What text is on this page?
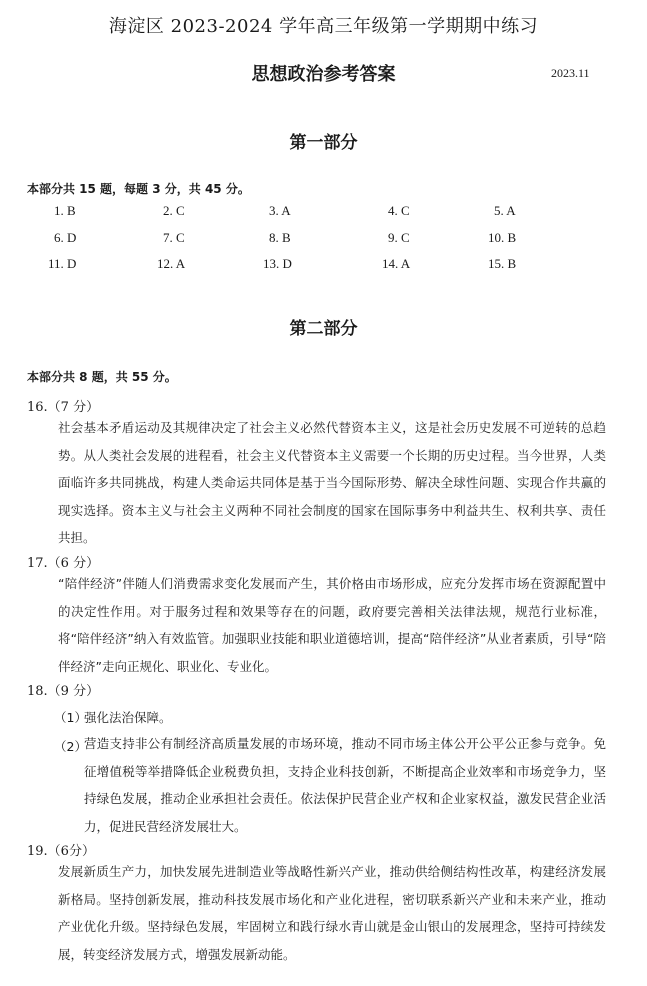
海淀区 2023-2024 学年高三年级第一学期期中练习
思想政治参考答案	2023.11
第一部分
本部分共 15 题，每题 3 分，共 45 分。
1. B	2. C	3. A	4. C	5. A
6. D	7. C	8. B	9. C	10. B
11. D	12. A	13. D	14. A	15. B
第二部分
本部分共 8 题，共 55 分。
16.（7 分）
社会基本矛盾运动及其规律决定了社会主义必然代替资本主义，这是社会历史发展不可逆转的总趋势。从人类社会发展的进程看，社会主义代替资本主义需要一个长期的历史过程。当今世界，人类面临许多共同挑战，构建人类命运共同体是基于当今国际形势、解决全球性问题、实现合作共赢的现实选择。资本主义与社会主义两种不同社会制度的国家在国际事务中利益共生、权利共享、责任共担。
17.（6 分）
“陪伴经济”伴随人们消费需求变化发展而产生，其价格由市场形成，应充分发挥市场在资源配置中的决定性作用。对于服务过程和效果等存在的问题，政府要完善相关法律法规，规范行业标准，将“陪伴经济”纳入有效监管。加强职业技能和职业道德培训，提高“陪伴经济”从业者素质，引导“陪伴经济”走向正规化、职业化、专业化。
18.（9 分）
（1）
强化法治保障。
（2）
营造支持非公有制经济高质量发展的市场环境，推动不同市场主体公开公平公正参与竞争。免征增值税等举措降低企业税费负担，支持企业科技创新，不断提高企业效率和市场竞争力，坚持绿色发展，推动企业承担社会责任。依法保护民营企业产权和企业家权益，激发民营企业活力，促进民营经济发展壮大。
19.（6分）
发展新质生产力，加快发展先进制造业等战略性新兴产业，推动供给侧结构性改革，构建经济发展新格局。坚持创新发展，推动科技发展市场化和产业化进程，密切联系新兴产业和未来产业，推动产业优化升级。坚持绿色发展，牢固树立和践行绿水青山就是金山银山的发展理念，坚持可持续发展，转变经济发展方式，增强发展新动能。
